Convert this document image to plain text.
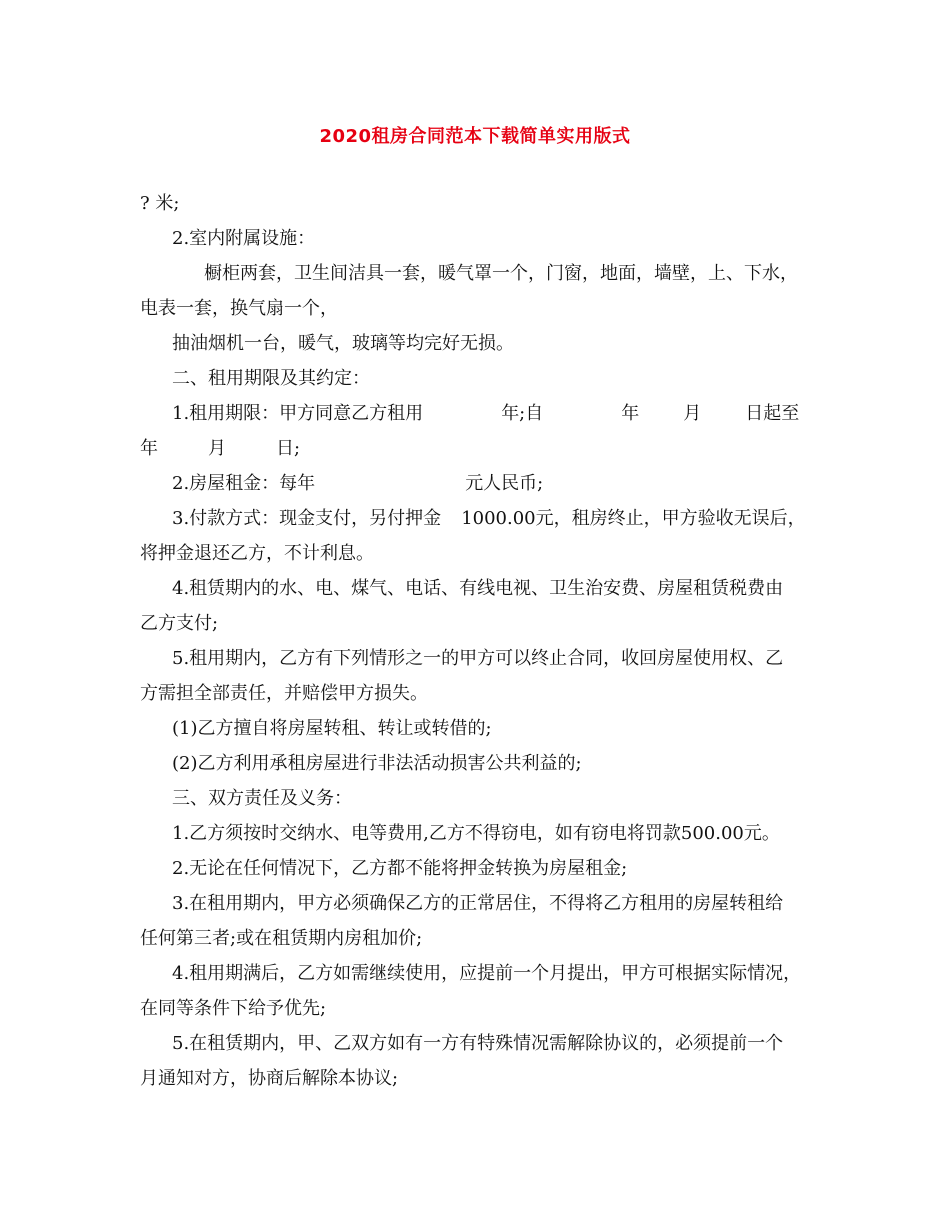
2020租房合同范本下载简单实用版式
? 米;
2.室内附属设施：
橱柜两套，卫生间洁具一套，暖气罩一个，门窗，地面，墙壁，上、下水，
电表一套，换气扇一个，
抽油烟机一台，暖气，玻璃等均完好无损。
二、租用期限及其约定：
1.租用期限：甲方同意乙方租用	年;自	年 月 日起至
年	月	日;
2.房屋租金：每年	元人民币;
3.付款方式：现金支付，另付押金 1000.00元，租房终止，甲方验收无误后，
将押金退还乙方，不计利息。
4.租赁期内的水、电、煤气、电话、有线电视、卫生治安费、房屋租赁税费由
乙方支付;
5.租用期内，乙方有下列情形之一的甲方可以终止合同，收回房屋使用权、乙
方需担全部责任，并赔偿甲方损失。
(1)乙方擅自将房屋转租、转让或转借的;
(2)乙方利用承租房屋进行非法活动损害公共利益的;
三、双方责任及义务：
1.乙方须按时交纳水、电等费用,乙方不得窃电，如有窃电将罚款500.00元。
2.无论在任何情况下，乙方都不能将押金转换为房屋租金;
3.在租用期内，甲方必须确保乙方的正常居住，不得将乙方租用的房屋转租给
任何第三者;或在租赁期内房租加价;
4.租用期满后，乙方如需继续使用，应提前一个月提出，甲方可根据实际情况，
在同等条件下给予优先;
5.在租赁期内，甲、乙双方如有一方有特殊情况需解除协议的，必须提前一个
月通知对方，协商后解除本协议;
